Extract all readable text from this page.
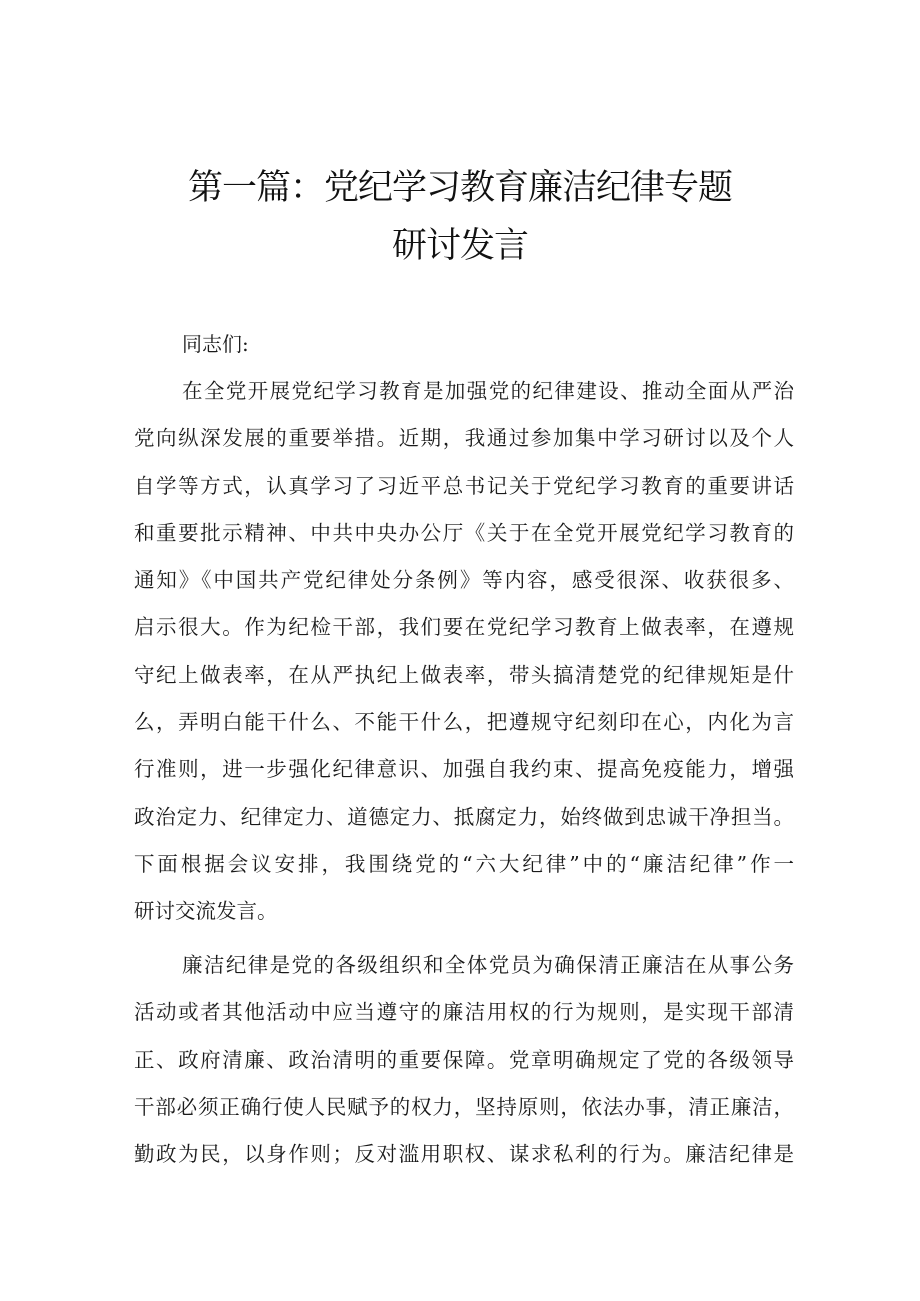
第一篇：党纪学习教育廉洁纪律专题
研讨发言
同志们:
在全党开展党纪学习教育是加强党的纪律建设、推动全面从严治
党向纵深发展的重要举措。近期，我通过参加集中学习研讨以及个人
自学等方式，认真学习了习近平总书记关于党纪学习教育的重要讲话
和重要批示精神、中共中央办公厅《关于在全党开展党纪学习教育的
通知》《中国共产党纪律处分条例》等内容，感受很深、收获很多、
启示很大。作为纪检干部，我们要在党纪学习教育上做表率，在遵规
守纪上做表率，在从严执纪上做表率，带头搞清楚党的纪律规矩是什
么，弄明白能干什么、不能干什么，把遵规守纪刻印在心，内化为言
行准则，进一步强化纪律意识、加强自我约束、提高免疫能力，增强
政治定力、纪律定力、道德定力、抵腐定力，始终做到忠诚干净担当。
下面根据会议安排，我围绕党的“六大纪律”中的“廉洁纪律”作一
研讨交流发言。
廉洁纪律是党的各级组织和全体党员为确保清正廉洁在从事公务
活动或者其他活动中应当遵守的廉洁用权的行为规则，是实现干部清
正、政府清廉、政治清明的重要保障。党章明确规定了党的各级领导
干部必须正确行使人民赋予的权力，坚持原则，依法办事，清正廉洁，
勤政为民，以身作则；反对滥用职权、谋求私利的行为。廉洁纪律是
